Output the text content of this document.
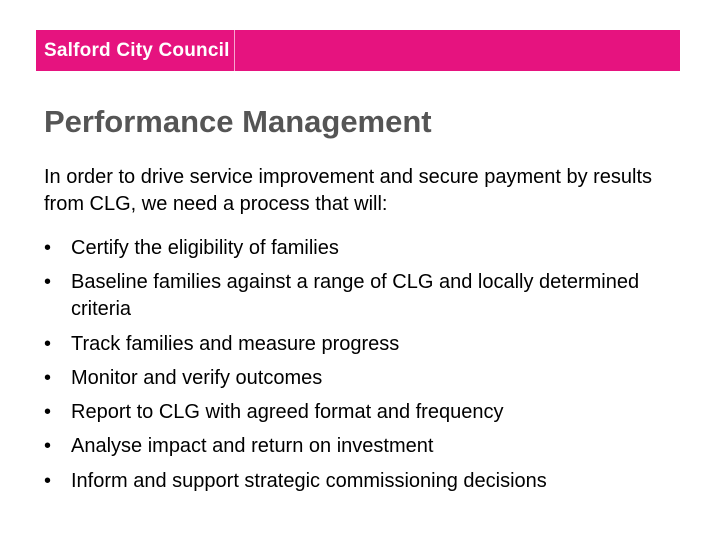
Salford City Council
Performance Management

In order to drive service improvement and secure payment by results from CLG, we need a process that will:

• Certify the eligibility of families
• Baseline families against a range of CLG and locally determined criteria
• Track families and measure progress
• Monitor and verify outcomes
• Report to CLG with agreed format and frequency
• Analyse impact and return on investment
• Inform and support strategic commissioning decisions
